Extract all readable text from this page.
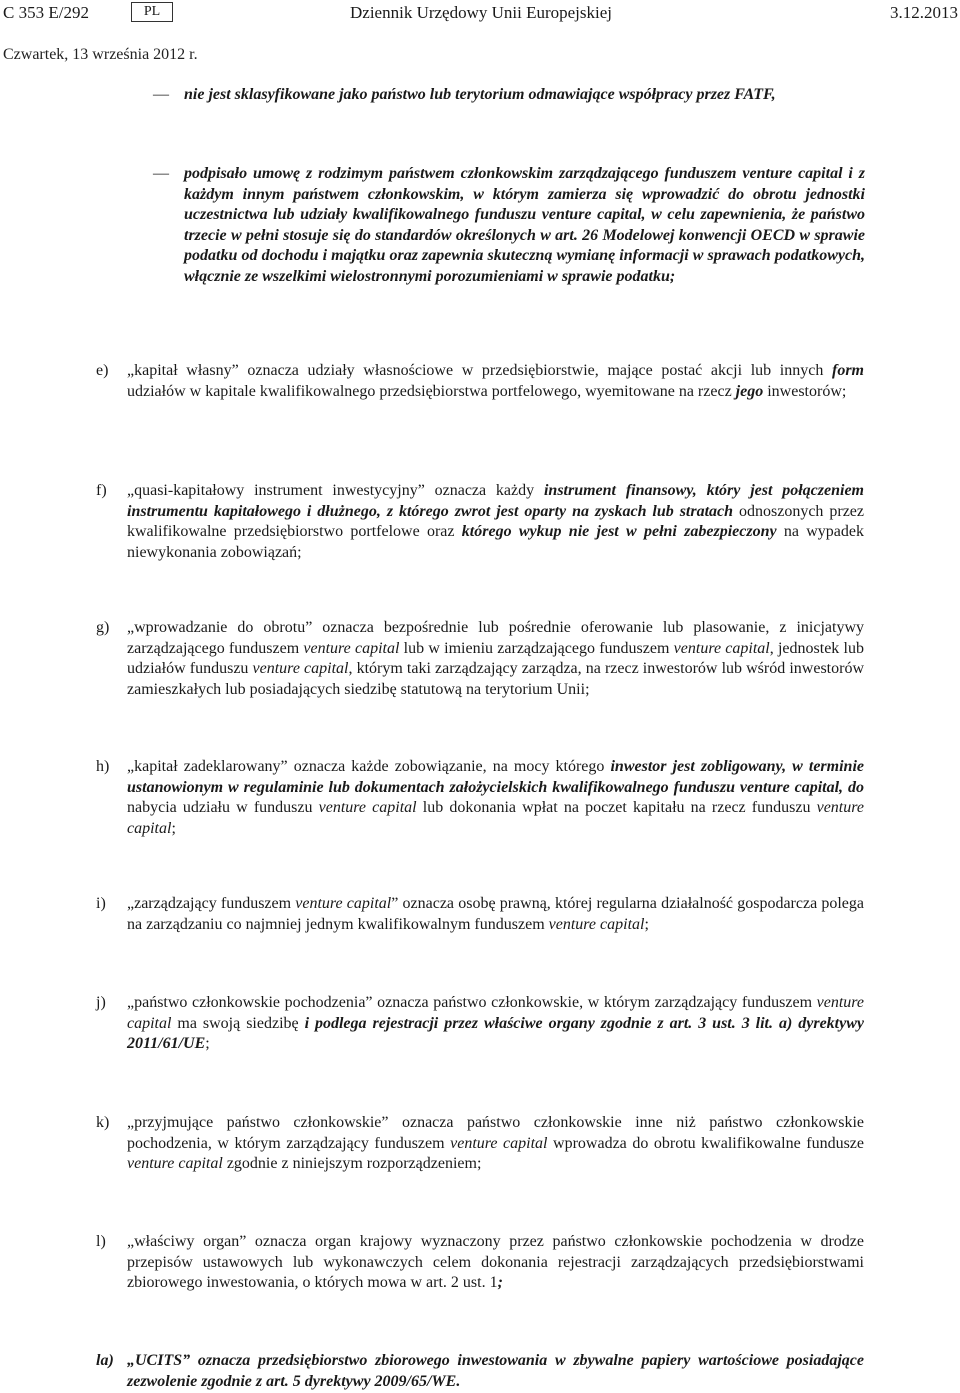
C 353 E/292	PL	Dziennik Urzędowy Unii Europejskiej	3.12.2013
Czwartek, 13 września 2012 r.
— nie jest sklasyfikowane jako państwo lub terytorium odmawiające współpracy przez FATF,
— podpisało umowę z rodzimym państwem członkowskim zarządzającego funduszem venture capital i z każdym innym państwem członkowskim, w którym zamierza się wprowadzić do obrotu jednostki uczestnictwa lub udziały kwalifikowalnego funduszu venture capital, w celu zapewnienia, że państwo trzecie w pełni stosuje się do standardów określonych w art. 26 Modelowej konwencji OECD w sprawie podatku od dochodu i majątku oraz zapewnia skuteczną wymianę informacji w sprawach podatkowych, włącznie ze wszelkimi wielostronnymi porozumieniami w sprawie podatku;
e) „kapitał własny” oznacza udziały własnościowe w przedsiębiorstwie, mające postać akcji lub innych form udziałów w kapitale kwalifikowalnego przedsiębiorstwa portfelowego, wyemitowane na rzecz jego inwestorów;
f) „quasi-kapitałowy instrument inwestycyjny” oznacza każdy instrument finansowy, który jest połączeniem instrumentu kapitałowego i dłużnego, z którego zwrot jest oparty na zyskach lub stratach odnoszonych przez kwalifikowalne przedsiębiorstwo portfelowe oraz którego wykup nie jest w pełni zabezpieczony na wypadek niewykonania zobowiązań;
g) „wprowadzanie do obrotu” oznacza bezpośrednie lub pośrednie oferowanie lub plasowanie, z inicjatywy zarządzającego funduszem venture capital lub w imieniu zarządzającego funduszem venture capital, jednostek lub udziałów funduszu venture capital, którym taki zarządzający zarządza, na rzecz inwestorów lub wśród inwestorów zamieszkałych lub posiadających siedzibę statutową na terytorium Unii;
h) „kapitał zadeklarowany” oznacza każde zobowiązanie, na mocy którego inwestor jest zobligowany, w terminie ustanowionym w regulaminie lub dokumentach założycielskich kwalifikowalnego funduszu venture capital, do nabycia udziału w funduszu venture capital lub dokonania wpłat na poczet kapitału na rzecz funduszu venture capital;
i) „zarządzający funduszem venture capital” oznacza osobę prawną, której regularna działalność gospodarcza polega na zarządzaniu co najmniej jednym kwalifikowalnym funduszem venture capital;
j) „państwo członkowskie pochodzenia” oznacza państwo członkowskie, w którym zarządzający funduszem venture capital ma swoją siedzibę i podlega rejestracji przez właściwe organy zgodnie z art. 3 ust. 3 lit. a) dyrektywy 2011/61/UE;
k) „przyjmujące państwo członkowskie” oznacza państwo członkowskie inne niż państwo członkowskie pochodzenia, w którym zarządzający funduszem venture capital wprowadza do obrotu kwalifikowalne fundusze venture capital zgodnie z niniejszym rozporządzeniem;
l) „właściwy organ” oznacza organ krajowy wyznaczony przez państwo członkowskie pochodzenia w drodze przepisów ustawowych lub wykonawczych celem dokonania rejestracji zarządzających przedsiębiorstwami zbiorowego inwestowania, o których mowa w art. 2 ust. 1;
la) „UCITS” oznacza przedsiębiorstwo zbiorowego inwestowania w zbywalne papiery wartościowe posiadające zezwolenie zgodnie z art. 5 dyrektywy 2009/65/WE.
